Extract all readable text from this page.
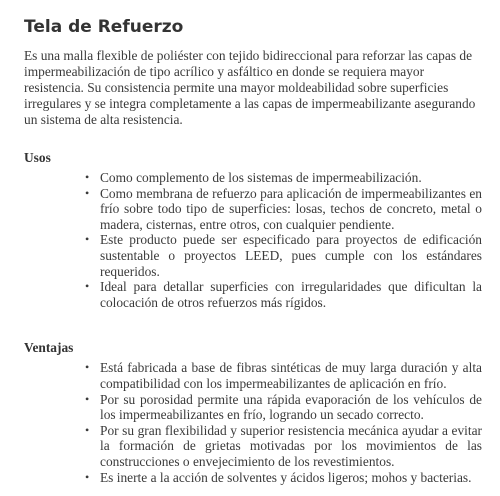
Tela de Refuerzo

Es una malla flexible de poliéster con tejido bidireccional para reforzar las capas de impermeabilización de tipo acrílico y asfáltico en donde se requiera mayor resistencia. Su consistencia permite una mayor moldeabilidad sobre superficies irregulares y se integra completamente a las capas de impermeabilizante asegurando un sistema de alta resistencia.

Usos
• Como complemento de los sistemas de impermeabilización.
• Como membrana de refuerzo para aplicación de impermeabilizantes en frío sobre todo tipo de superficies: losas, techos de concreto, metal o madera, cisternas, entre otros, con cualquier pendiente.
• Este producto puede ser especificado para proyectos de edificación sustentable o proyectos LEED, pues cumple con los estándares requeridos.
• Ideal para detallar superficies con irregularidades que dificultan la colocación de otros refuerzos más rígidos.
Ventajas
• Está fabricada a base de fibras sintéticas de muy larga duración y alta compatibilidad con los impermeabilizantes de aplicación en frío.
• Por su porosidad permite una rápida evaporación de los vehículos de los impermeabilizantes en frío, logrando un secado correcto.
• Por su gran flexibilidad y superior resistencia mecánica ayudar a evitar la formación de grietas motivadas por los movimientos de las construcciones o envejecimiento de los revestimientos.
• Es inerte a la acción de solventes y ácidos ligeros; mohos y bacterias.
